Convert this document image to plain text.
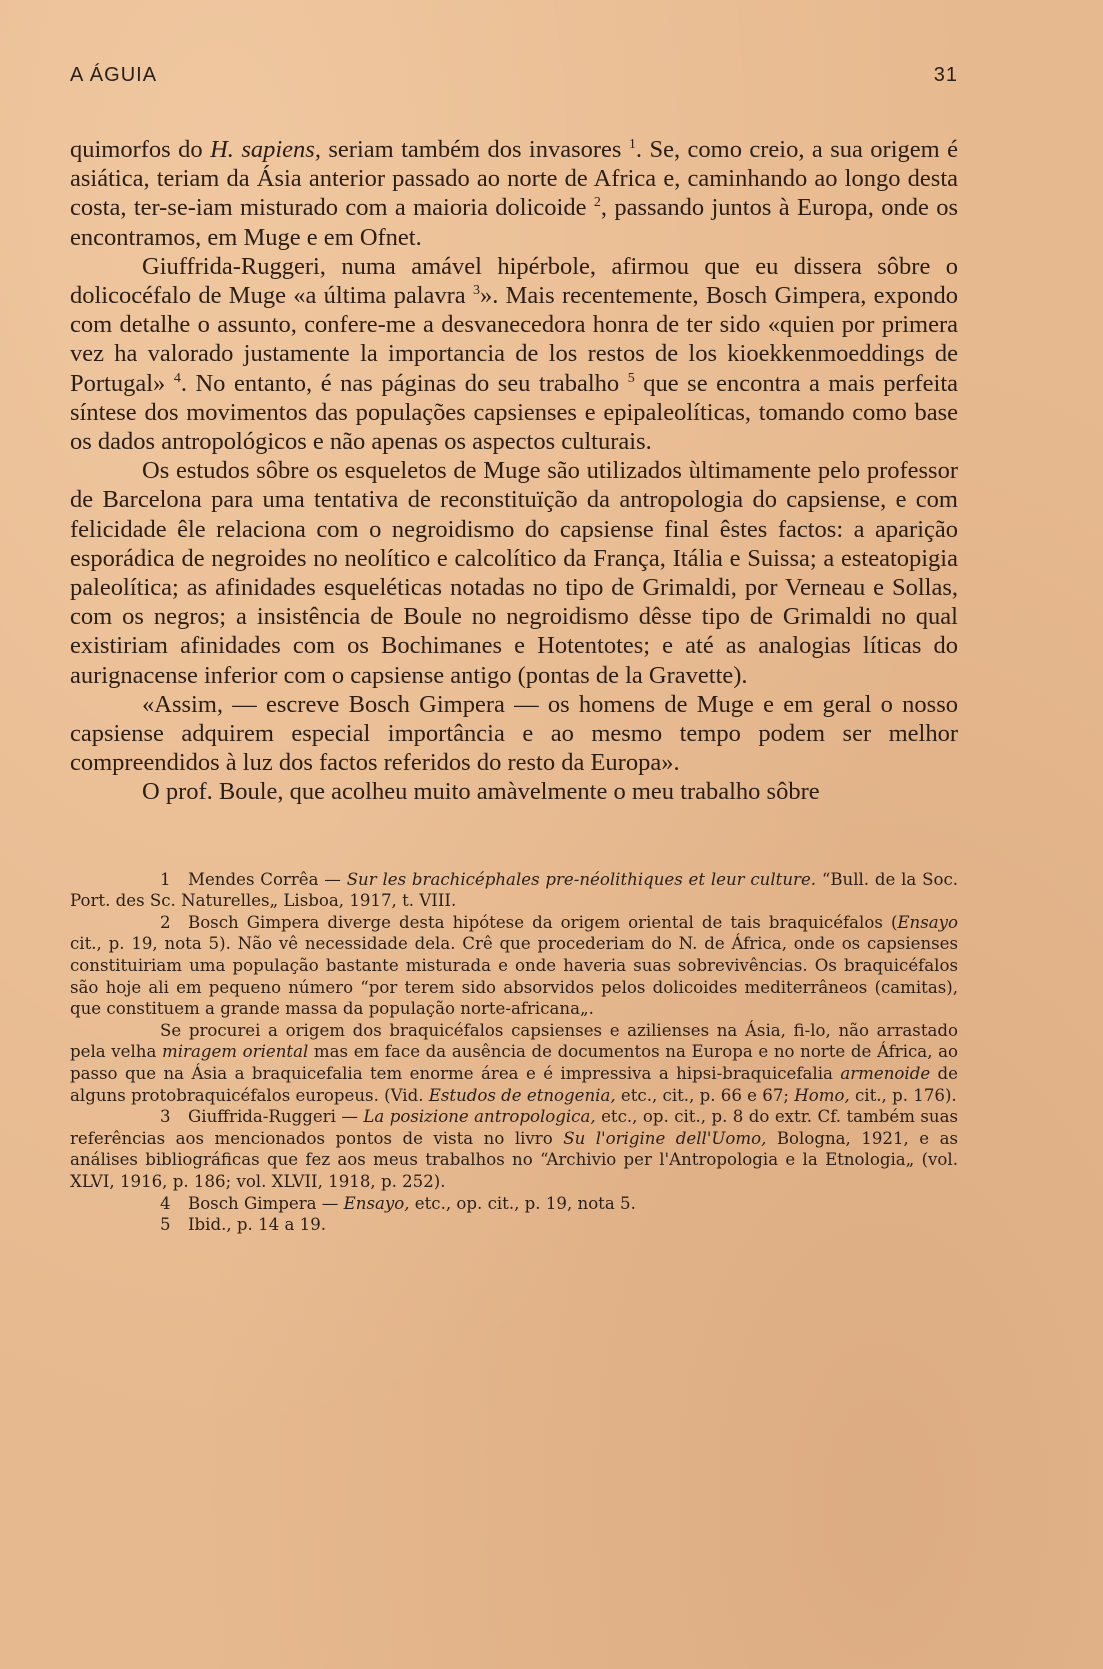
A ÁGUIA	31

quimorfos do H. sapiens, seriam também dos invasores $^1$. Se, como creio, a sua origem é asiática, teriam da Ásia anterior passado ao norte de Africa e, caminhando ao longo desta costa, ter-se-iam misturado com a maioria dolicoide $^2$, passando juntos à Europa, onde os encontramos, em Muge e em Ofnet.

Giuffrida-Ruggeri, numa amável hipérbole, afirmou que eu dissera sôbre o dolicocéfalo de Muge «a última palavra $^3$». Mais recentemente, Bosch Gimpera, expondo com detalhe o assunto, confere-me a desvanecedora honra de ter sido «quien por primera vez ha valorado justamente la importancia de los restos de los kioekkenmoeddings de Portugal» $^4$. No entanto, é nas páginas do seu trabalho $^5$ que se encontra a mais perfeita síntese dos movimentos das populações capsienses e epipaleolíticas, tomando como base os dados antropológicos e não apenas os aspectos culturais.

Os estudos sôbre os esqueletos de Muge são utilizados ùltimamente pelo professor de Barcelona para uma tentativa de reconstituïção da antropologia do capsiense, e com felicidade êle relaciona com o negroidismo do capsiense final êstes factos: a aparição esporádica de negroides no neolítico e calcolítico da França, Itália e Suissa; a esteatopigia paleolítica; as afinidades esqueléticas notadas no tipo de Grimaldi, por Verneau e Sollas, com os negros; a insistência de Boule no negroidismo dêsse tipo de Grimaldi no qual existiriam afinidades com os Bochimanes e Hotentotes; e até as analogias líticas do aurignacense inferior com o capsiense antigo (pontas de la Gravette).

«Assim, — escreve Bosch Gimpera — os homens de Muge e em geral o nosso capsiense adquirem especial importância e ao mesmo tempo podem ser melhor compreendidos à luz dos factos referidos do resto da Europa».

O prof. Boule, que acolheu muito amàvelmente o meu trabalho sôbre

1 Mendes Corrêa — Sur les brachicéphales pre-néolithiques et leur culture. “Bull. de la Soc. Port. des Sc. Naturelles„ Lisboa, 1917, t. VIII.

2 Bosch Gimpera diverge desta hipótese da origem oriental de tais braquicéfalos (Ensayo cit., p. 19, nota 5). Não vê necessidade dela. Crê que procederiam do N. de África, onde os capsienses constituiriam uma população bastante misturada e onde haveria suas sobrevivências. Os braquicéfalos são hoje ali em pequeno número “por terem sido absorvidos pelos dolicoides mediterrâneos (camitas), que constituem a grande massa da população norte-africana„.

Se procurei a origem dos braquicéfalos capsienses e azilienses na Ásia, fi-lo, não arrastado pela velha miragem oriental mas em face da ausência de documentos na Europa e no norte de África, ao passo que na Ásia a braquicefalia tem enorme área e é impressiva a hipsi-braquicefalia armenoide de alguns protobraquicéfalos europeus. (Vid. Estudos de etnogenia, etc., cit., p. 66 e 67; Homo, cit., p. 176).

3 Giuffrida-Ruggeri — La posizione antropologica, etc., op. cit., p. 8 do extr. Cf. também suas referências aos mencionados pontos de vista no livro Su l'origine dell'Uomo, Bologna, 1921, e as análises bibliográficas que fez aos meus trabalhos no “Archivio per l'Antropologia e la Etnologia„ (vol. XLVI, 1916, p. 186; vol. XLVII, 1918, p. 252).

4 Bosch Gimpera — Ensayo, etc., op. cit., p. 19, nota 5.

5 Ibid., p. 14 a 19.
